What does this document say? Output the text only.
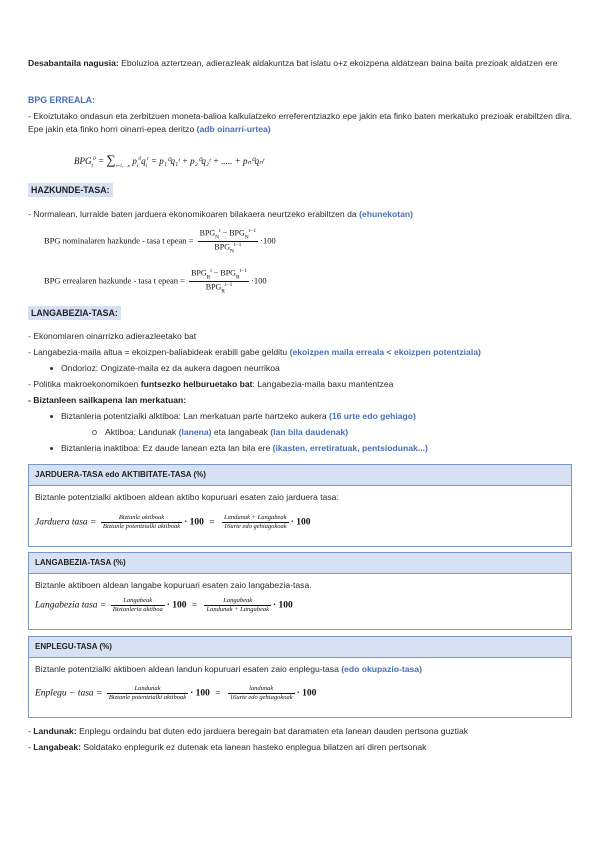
Desabantaila nagusia: Eboluzioa aztertzean, adierazleak aldakuntza bat islatu o+z ekoizpena aldatzean baina baita prezioak aldatzen ere
BPG ERREALA:
- Ekoiztutako ondasun eta zerbitzuen moneta-balioa kalkulatzeko erreferentziazko epe jakin eta finko baten merkatuko prezioak erabiltzen dira. Epe jakin eta finko horri oinarri-epea deritzo (adb oinarri-urtea)
$BPG_t^0 = \sum_{i=1,...,n}$ $p_i^0q_i^t$ = p₁⁰q₁ᵗ + p₂⁰q₂ᵗ + ..... + pₙ⁰qₙᵗ
HAZKUNDE-TASA:
- Normalean, lurralde baten jarduera ekonomikoaren bilakaera neurtzeko erabiltzen da (ehunekotan)
BPG nominalaren hazkunde - tasa t epean = $\frac{BPG_N^t - BPG_N^{t-1}}{BPG_N^{t-1}} \cdot 100$
BPG errealaren hazkunde - tasa t epean = $\frac{BPG_R^t - BPG_R^{t-1}}{BPG_R^{t-1}} \cdot 100$
LANGABEZIA-TASA:
- Ekonomiaren oinarrizko adierazleetako bat
- Langabezia-maila altua = ekoizpen-baliabideak erabili gabe gelditu (ekoizpen maila erreala < ekoizpen potentziala)
Ondorioz: Ongizate-maila ez da aukera dagoen neurrikoa
- Politika makroekonomikoen funtsezko helburuetako bat: Langabezia-maila baxu mantentzea
- Biztanleen sailkapena lan merkatuan:
Biztanleria potentzialki alktiboa: Lan merkatuan parte hartzeko aukera (16 urte edo gehiago)
Aktiboa: Landunak (lanena) eta langabeak (lan bila daudenak)
Biztanleria inaktiboa: Ez daude lanean ezta lan bila ere (ikasten, erretiratuak, pentsiodunak...)
JARDUERA-TASA edo AKTIBITATE-TASA (%)
Biztanle potentzialki aktiboen aldean aktibo kopuruari esaten zaio jarduera tasa:
Jarduera tasa = $\frac{\text{Biztanle aktiboak}}{\text{Biztanle potentzialki aktiboak}} \cdot 100 = \frac{\text{Landunak + Langabeak}}{\text{16urte edo gehiagokoak}} \cdot 100$
LANGABEZIA-TASA (%)
Biztanle aktiboen aldean langabe kopuruari esaten zaio langabezia-tasa.
Langabezia tasa = $\frac{\text{Langabeak}}{\text{Biztanleria aktiboa}} \cdot 100 = \frac{\text{Langabeak}}{\text{Landunak + Langabeak}} \cdot 100$
ENPLEGU-TASA (%)
Biztanle potentzialki aktiboen aldean landun kopuruari esaten zaio enplegu-tasa (edo okupazio-tasa)
Enplegu − tasa = $\frac{\text{Landunak}}{\text{Biztanle potentzialki aktiboak}} \cdot 100 = \frac{\text{landunak}}{\text{16urte edo gehiagokoak}} \cdot 100$
- Landunak: Enplegu ordaindu bat duten edo jarduera beregain bat daramaten eta lanean dauden pertsona guztiak
- Langabeak: Soldatako enplegurik ez dutenak eta lanean hasteko enplegua bilatzen ari diren pertsonak
